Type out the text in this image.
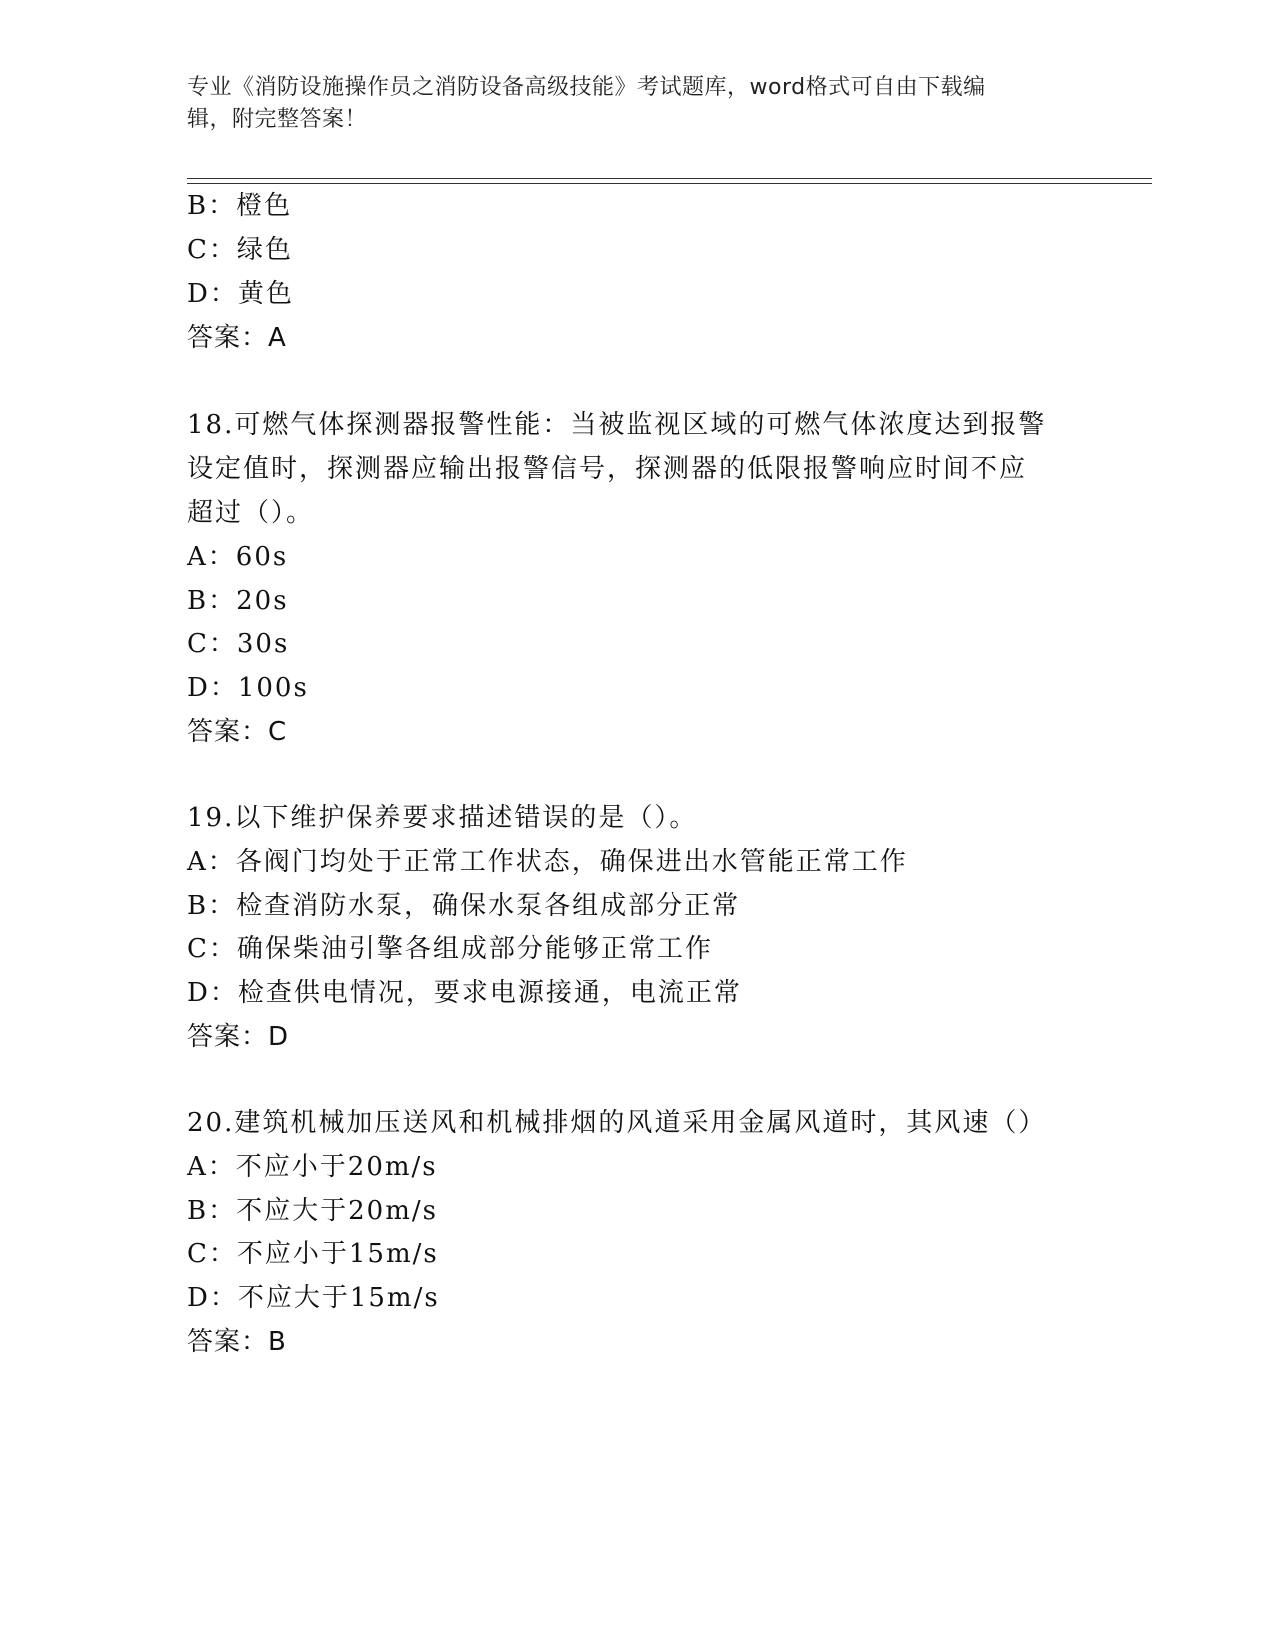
专业《消防设施操作员之消防设备高级技能》考试题库，word格式可自由下载编
辑，附完整答案！
B：橙色
C：绿色
D：黄色
答案：A
18.可燃气体探测器报警性能：当被监视区域的可燃气体浓度达到报警
设定值时，探测器应输出报警信号，探测器的低限报警响应时间不应
超过（）。
A：60s
B：20s
C：30s
D：100s
答案：C
19.以下维护保养要求描述错误的是（）。
A：各阀门均处于正常工作状态，确保进出水管能正常工作
B：检查消防水泵，确保水泵各组成部分正常
C：确保柴油引擎各组成部分能够正常工作
D：检查供电情况，要求电源接通，电流正常
答案：D
20.建筑机械加压送风和机械排烟的风道采用金属风道时，其风速（）
A：不应小于20m/s
B：不应大于20m/s
C：不应小于15m/s
D：不应大于15m/s
答案：B
